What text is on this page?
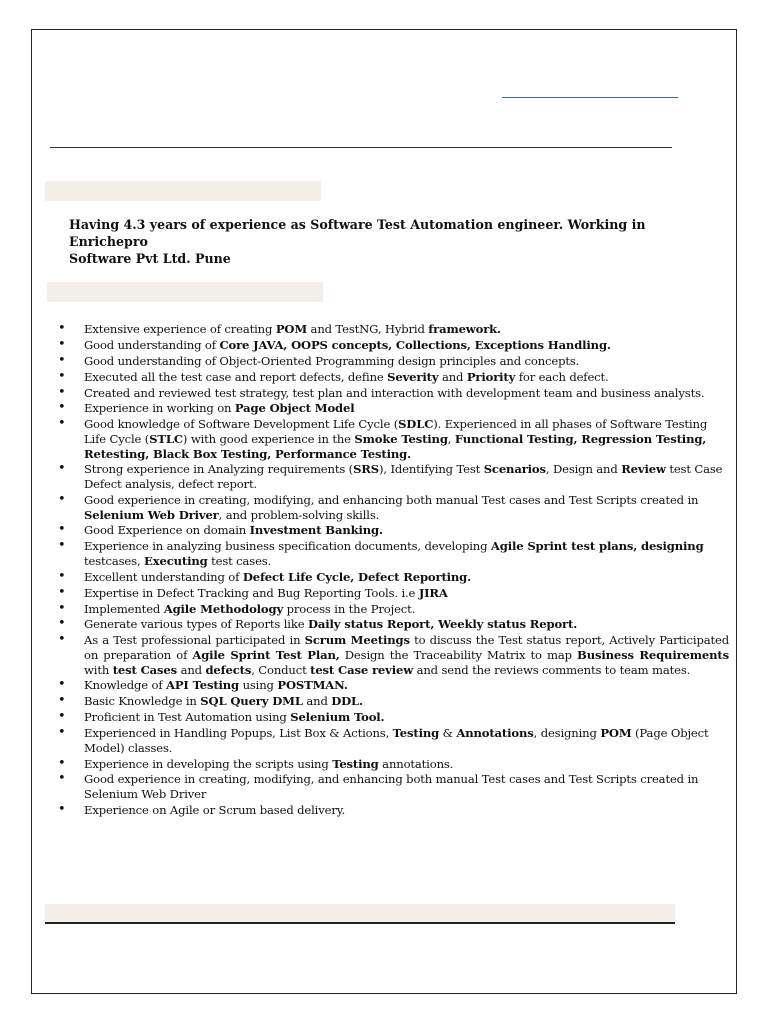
Having 4.3 years of experience as Software Test Automation engineer. Working in Enrichepro
Software Pvt Ltd. Pune
• Extensive experience of creating POM and TestNG, Hybrid framework.
• Good understanding of Core JAVA, OOPS concepts, Collections, Exceptions Handling.
• Good understanding of Object-Oriented Programming design principles and concepts.
• Executed all the test case and report defects, define Severity and Priority for each defect.
• Created and reviewed test strategy, test plan and interaction with development team and business analysts.
• Experience in working on Page Object Model
• Good knowledge of Software Development Life Cycle (SDLC). Experienced in all phases of Software Testing Life Cycle (STLC) with good experience in the Smoke Testing, Functional Testing, Regression Testing, Retesting, Black Box Testing, Performance Testing.
• Strong experience in Analyzing requirements (SRS), Identifying Test Scenarios, Design and Review test Case Defect analysis, defect report.
• Good experience in creating, modifying, and enhancing both manual Test cases and Test Scripts created in Selenium Web Driver, and problem-solving skills.
• Good Experience on domain Investment Banking.
• Experience in analyzing business specification documents, developing Agile Sprint test plans, designing testcases, Executing test cases.
• Excellent understanding of Defect Life Cycle, Defect Reporting.
• Expertise in Defect Tracking and Bug Reporting Tools. i.e JIRA
• Implemented Agile Methodology process in the Project.
• Generate various types of Reports like Daily status Report, Weekly status Report.
• As a Test professional participated in Scrum Meetings to discuss the Test status report, Actively Participated on preparation of Agile Sprint Test Plan, Design the Traceability Matrix to map Business Requirements with test Cases and defects, Conduct test Case review and send the reviews comments to team mates.
• Knowledge of API Testing using POSTMAN.
• Basic Knowledge in SQL Query DML and DDL.
• Proficient in Test Automation using Selenium Tool.
• Experienced in Handling Popups, List Box & Actions, Testing & Annotations, designing POM (Page Object Model) classes.
• Experience in developing the scripts using Testing annotations.
• Good experience in creating, modifying, and enhancing both manual Test cases and Test Scripts created in Selenium Web Driver
• Experience on Agile or Scrum based delivery.
